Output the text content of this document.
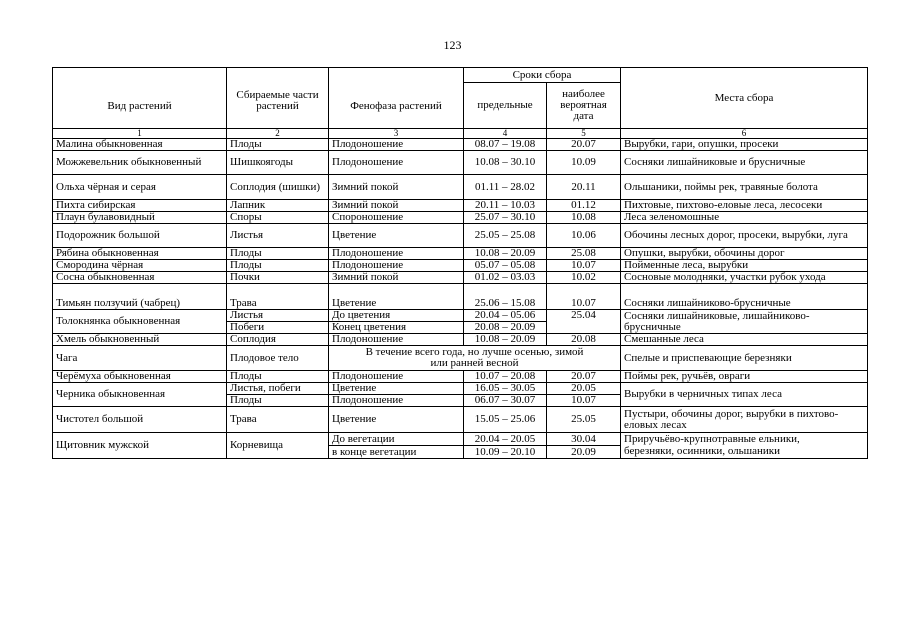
123
Вид растений	Сбираемые части растений	Фенофаза растений	Сроки сбора		Места сбора
			предельные	наиболее вероятная дата	
1	2	3	4	5	6
Малина обыкновенная	Плоды	Плодоношение	08.07 – 19.08	20.07	Вырубки, гари, опушки, просеки
Можжевельник обыкновенный	Шишкоягоды	Плодоношение	10.08 – 30.10	10.09	Сосняки лишайниковые и брусничные
Ольха чёрная и серая	Соплодия (шишки)	Зимний покой	01.11 – 28.02	20.11	Ольшаники, поймы рек, травяные болота
Пихта сибирская	Лапник	Зимний покой	20.11 – 10.03	01.12	Пихтовые, пихтово-еловые леса, лесосеки
Плаун булавовидный	Споры	Спороношение	25.07 – 30.10	10.08	Леса зеленомошные
Подорожник большой	Листья	Цветение	25.05 – 25.08	10.06	Обочины лесных дорог, просеки, вырубки, луга
Рябина обыкновенная	Плоды	Плодоношение	10.08 – 20.09	25.08	Опушки, вырубки, обочины дорог
Смородина чёрная	Плоды	Плодоношение	05.07 – 05.08	10.07	Пойменные леса, вырубки
Сосна обыкновенная	Почки	Зимний покой	01.02 – 03.03	10.02	Сосновые молодняки, участки рубок ухода
Тимьян ползучий (чабрец)	Трава	Цветение	25.06 – 15.08	10.07	Сосняки лишайниково-брусничные
Толокнянка обыкновенная	Листья	До цветения	20.04 – 05.06	25.04	Сосняки лишайниковые, лишайниково-брусничные
	Побеги	Конец цветения	20.08 – 20.09		
Хмель обыкновенный	Соплодия	Плодоношение	10.08 – 20.09	20.08	Смешанные леса
Чага	Плодовое тело	В течение всего года, но лучше осенью, зимой или ранней весной			Спелые и приспевающие березняки
Черёмуха обыкновенная	Плоды	Плодоношение	10.07 – 20.08	20.07	Поймы рек, ручьёв, овраги
Черника обыкновенная	Листья, побеги	Цветение	16.05 – 30.05	20.05	Вырубки в черничных типах леса
	Плоды	Плодоношение	06.07 – 30.07	10.07	
Чистотел большой	Трава	Цветение	15.05 – 25.06	25.05	Пустыри, обочины дорог, вырубки в пихтово-еловых лесах
Щитовник мужской	Корневища	До вегетации	20.04 – 20.05	30.04	Приручьёво-крупнотравные ельники,
		в конце вегетации	10.09 – 20.10	20.09	березняки, осинники, ольшаники
